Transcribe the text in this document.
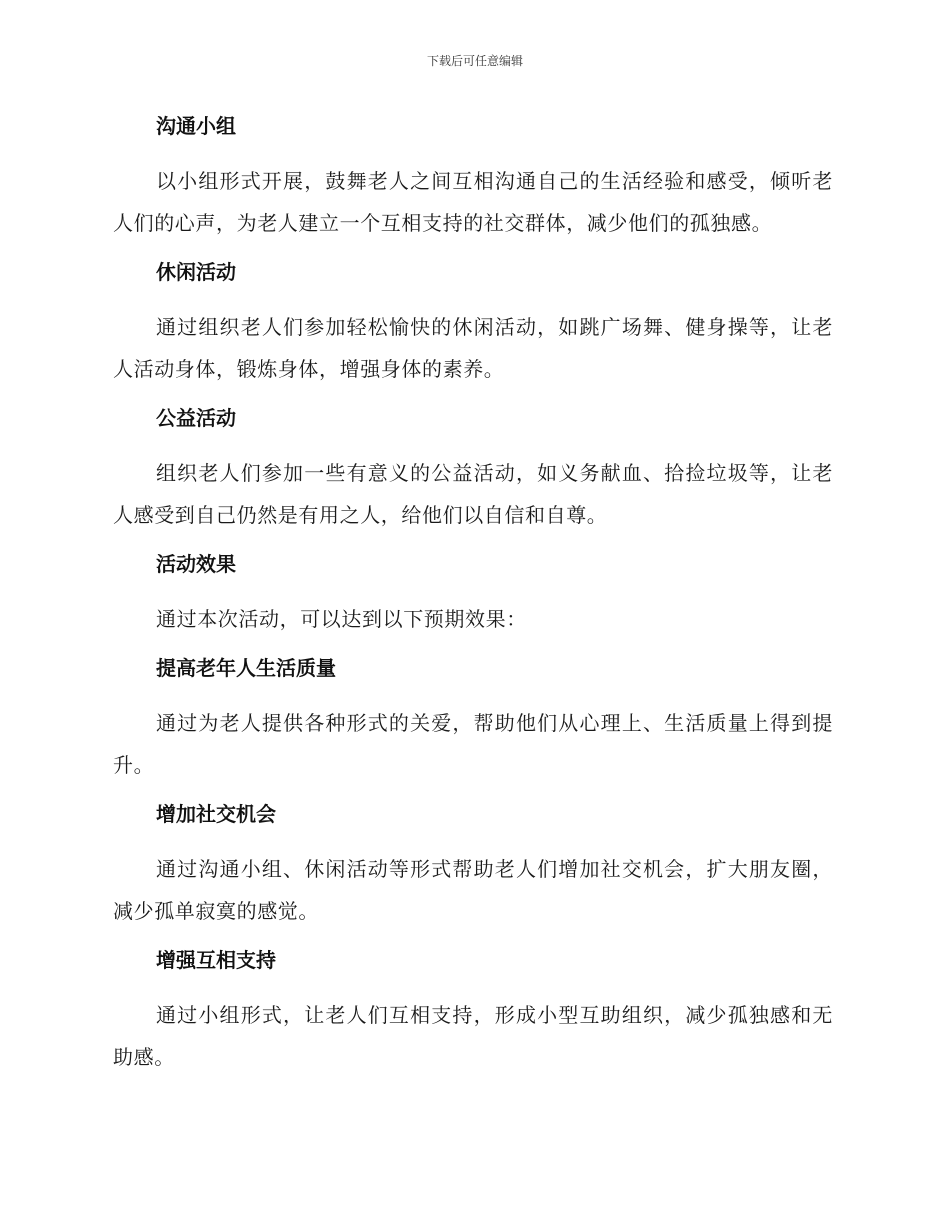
下载后可任意编辑
沟通小组
以小组形式开展，鼓舞老人之间互相沟通自己的生活经验和感受，倾听老人们的心声，为老人建立一个互相支持的社交群体，减少他们的孤独感。
休闲活动
通过组织老人们参加轻松愉快的休闲活动，如跳广场舞、健身操等，让老人活动身体，锻炼身体，增强身体的素养。
公益活动
组织老人们参加一些有意义的公益活动，如义务献血、拾捡垃圾等，让老人感受到自己仍然是有用之人，给他们以自信和自尊。
活动效果
通过本次活动，可以达到以下预期效果：
提高老年人生活质量
通过为老人提供各种形式的关爱，帮助他们从心理上、生活质量上得到提升。
增加社交机会
通过沟通小组、休闲活动等形式帮助老人们增加社交机会，扩大朋友圈，减少孤单寂寞的感觉。
增强互相支持
通过小组形式，让老人们互相支持，形成小型互助组织，减少孤独感和无助感。
